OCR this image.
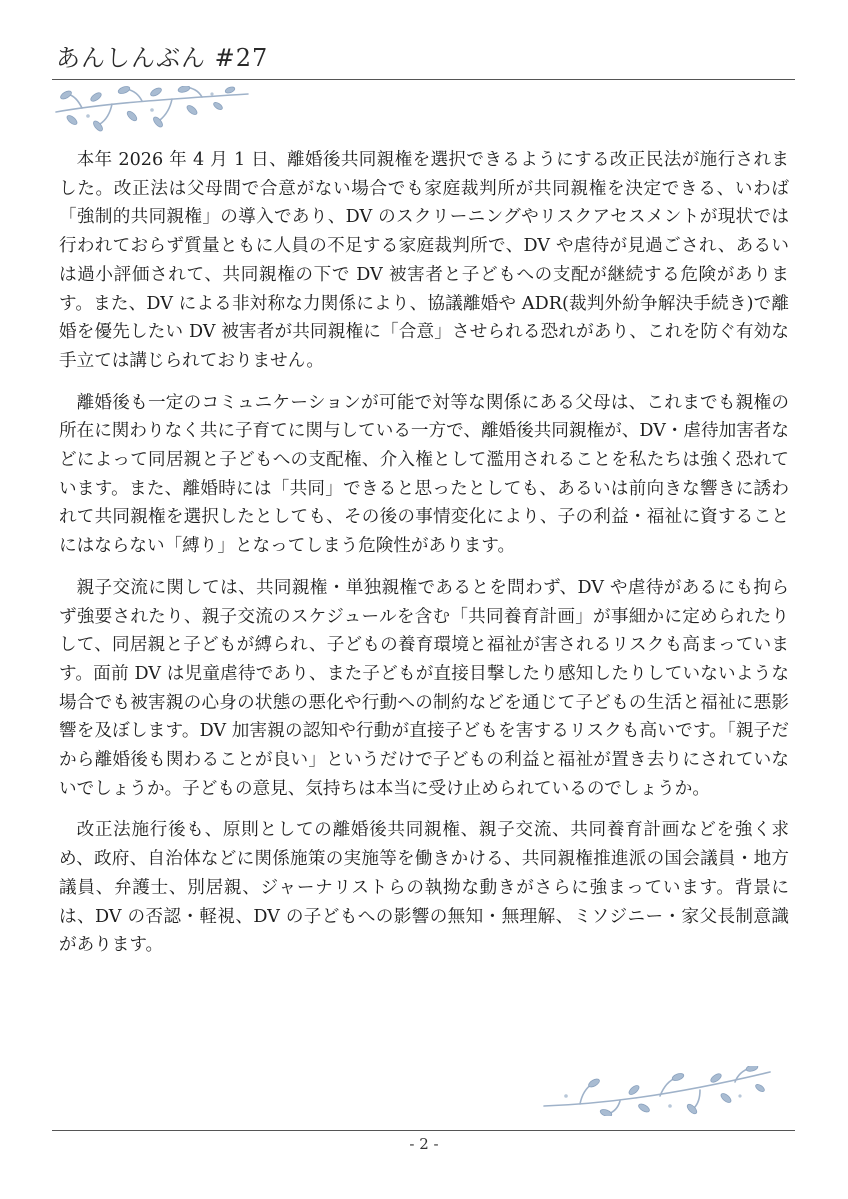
あんしんぶん #27

本年 2026 年 4 月 1 日、離婚後共同親権を選択できるようにする改正民法が施行されました。改正法は父母間で合意がない場合でも家庭裁判所が共同親権を決定できる、いわば「強制的共同親権」の導入であり、DV のスクリーニングやリスクアセスメントが現状では行われておらず質量ともに人員の不足する家庭裁判所で、DV や虐待が見過ごされ、あるいは過小評価されて、共同親権の下で DV 被害者と子どもへの支配が継続する危険があります。また、DV による非対称な力関係により、協議離婚や ADR(裁判外紛争解決手続き)で離婚を優先したい DV 被害者が共同親権に「合意」させられる恐れがあり、これを防ぐ有効な手立ては講じられておりません。

離婚後も一定のコミュニケーションが可能で対等な関係にある父母は、これまでも親権の所在に関わりなく共に子育てに関与している一方で、離婚後共同親権が、DV・虐待加害者などによって同居親と子どもへの支配権、介入権として濫用されることを私たちは強く恐れています。また、離婚時には「共同」できると思ったとしても、あるいは前向きな響きに誘われて共同親権を選択したとしても、その後の事情変化により、子の利益・福祉に資することにはならない「縛り」となってしまう危険性があります。

親子交流に関しては、共同親権・単独親権であるとを問わず、DV や虐待があるにも拘らず強要されたり、親子交流のスケジュールを含む「共同養育計画」が事細かに定められたりして、同居親と子どもが縛られ、子どもの養育環境と福祉が害されるリスクも高まっています。面前 DV は児童虐待であり、また子どもが直接目撃したり感知したりしていないような場合でも被害親の心身の状態の悪化や行動への制約などを通じて子どもの生活と福祉に悪影響を及ぼします。DV 加害親の認知や行動が直接子どもを害するリスクも高いです。「親子だから離婚後も関わることが良い」というだけで子どもの利益と福祉が置き去りにされていないでしょうか。子どもの意見、気持ちは本当に受け止められているのでしょうか。

改正法施行後も、原則としての離婚後共同親権、親子交流、共同養育計画などを強く求め、政府、自治体などに関係施策の実施等を働きかける、共同親権推進派の国会議員・地方議員、弁護士、別居親、ジャーナリストらの執拗な動きがさらに強まっています。背景には、DV の否認・軽視、DV の子どもへの影響の無知・無理解、ミソジニー・家父長制意識があります。

- 2 -
